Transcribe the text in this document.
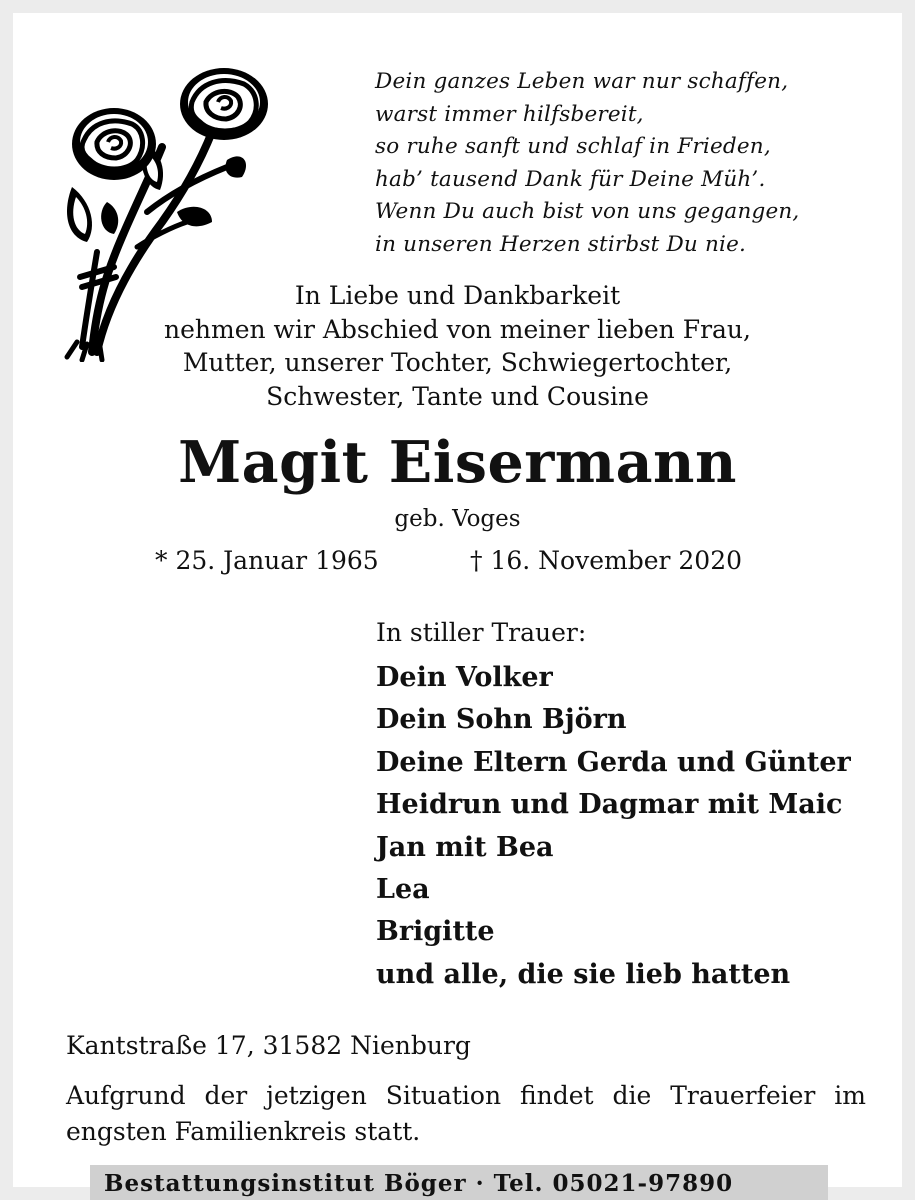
Dein ganzes Leben war nur schaffen,
warst immer hilfsbereit,
so ruhe sanft und schlaf in Frieden,
hab’ tausend Dank für Deine Müh’.
Wenn Du auch bist von uns gegangen,
in unseren Herzen stirbst Du nie.
In Liebe und Dankbarkeit
nehmen wir Abschied von meiner lieben Frau,
Mutter, unserer Tochter, Schwiegertochter,
Schwester, Tante und Cousine
Magit Eisermann
geb. Voges
* 25. Januar 1965	† 16. November 2020
In stiller Trauer:
Dein Volker
Dein Sohn Björn
Deine Eltern Gerda und Günter
Heidrun und Dagmar mit Maic
Jan mit Bea
Lea
Brigitte
und alle, die sie lieb hatten
Kantstraße 17, 31582 Nienburg
Aufgrund der jetzigen Situation findet die Trauerfeier im engsten Familienkreis statt.
Bestattungsinstitut Böger · Tel. 05021-97890
